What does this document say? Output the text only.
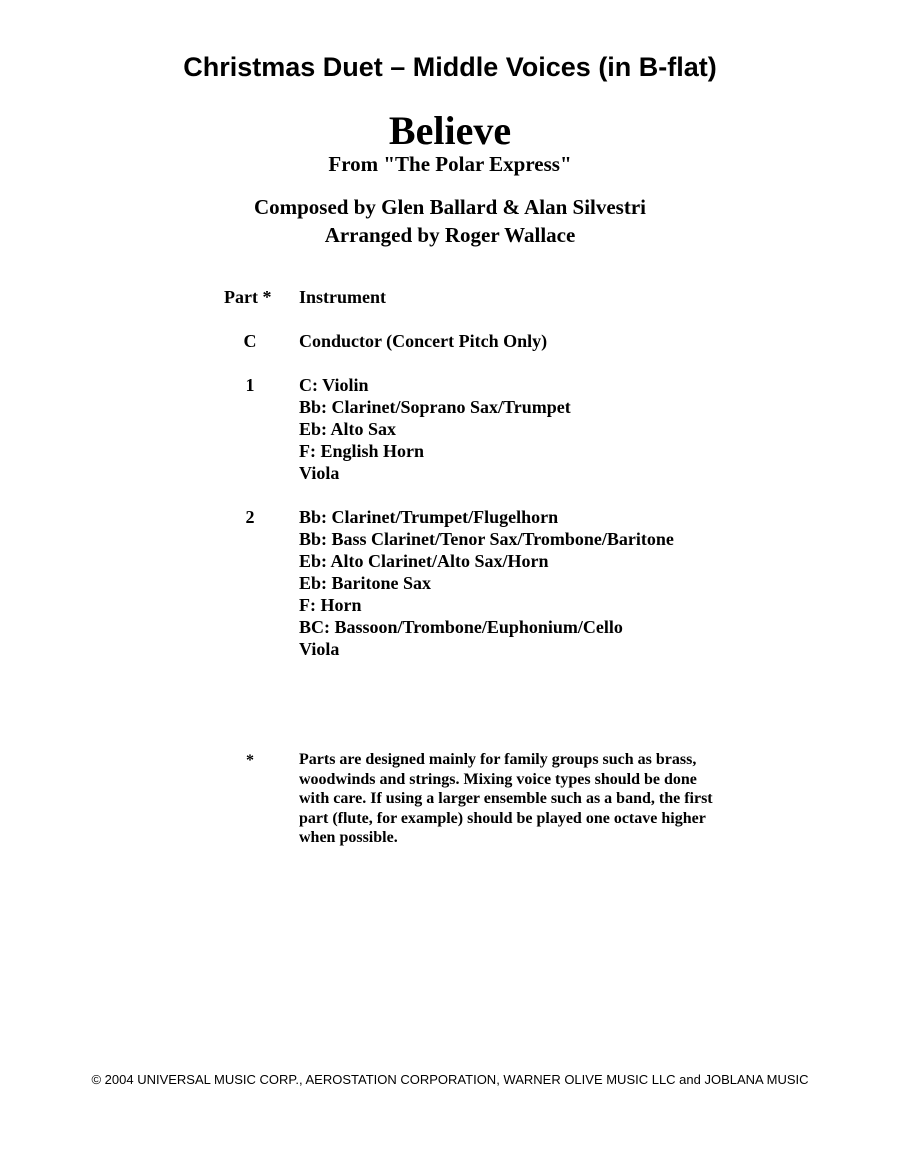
Christmas Duet – Middle Voices (in B-flat)
Believe
From "The Polar Express"
Composed by Glen Ballard & Alan Silvestri
Arranged by Roger Wallace
Part * Instrument
C	Conductor (Concert Pitch Only)
1	C: Violin
Bb: Clarinet/Soprano Sax/Trumpet
Eb: Alto Sax
F: English Horn
Viola
2	Bb: Clarinet/Trumpet/Flugelhorn
Bb: Bass Clarinet/Tenor Sax/Trombone/Baritone
Eb: Alto Clarinet/Alto Sax/Horn
Eb: Baritone Sax
F: Horn
BC: Bassoon/Trombone/Euphonium/Cello
Viola
*	Parts are designed mainly for family groups such as brass, woodwinds and strings. Mixing voice types should be done with care. If using a larger ensemble such as a band, the first part (flute, for example) should be played one octave higher when possible.
© 2004 UNIVERSAL MUSIC CORP., AEROSTATION CORPORATION, WARNER OLIVE MUSIC LLC and JOBLANA MUSIC
